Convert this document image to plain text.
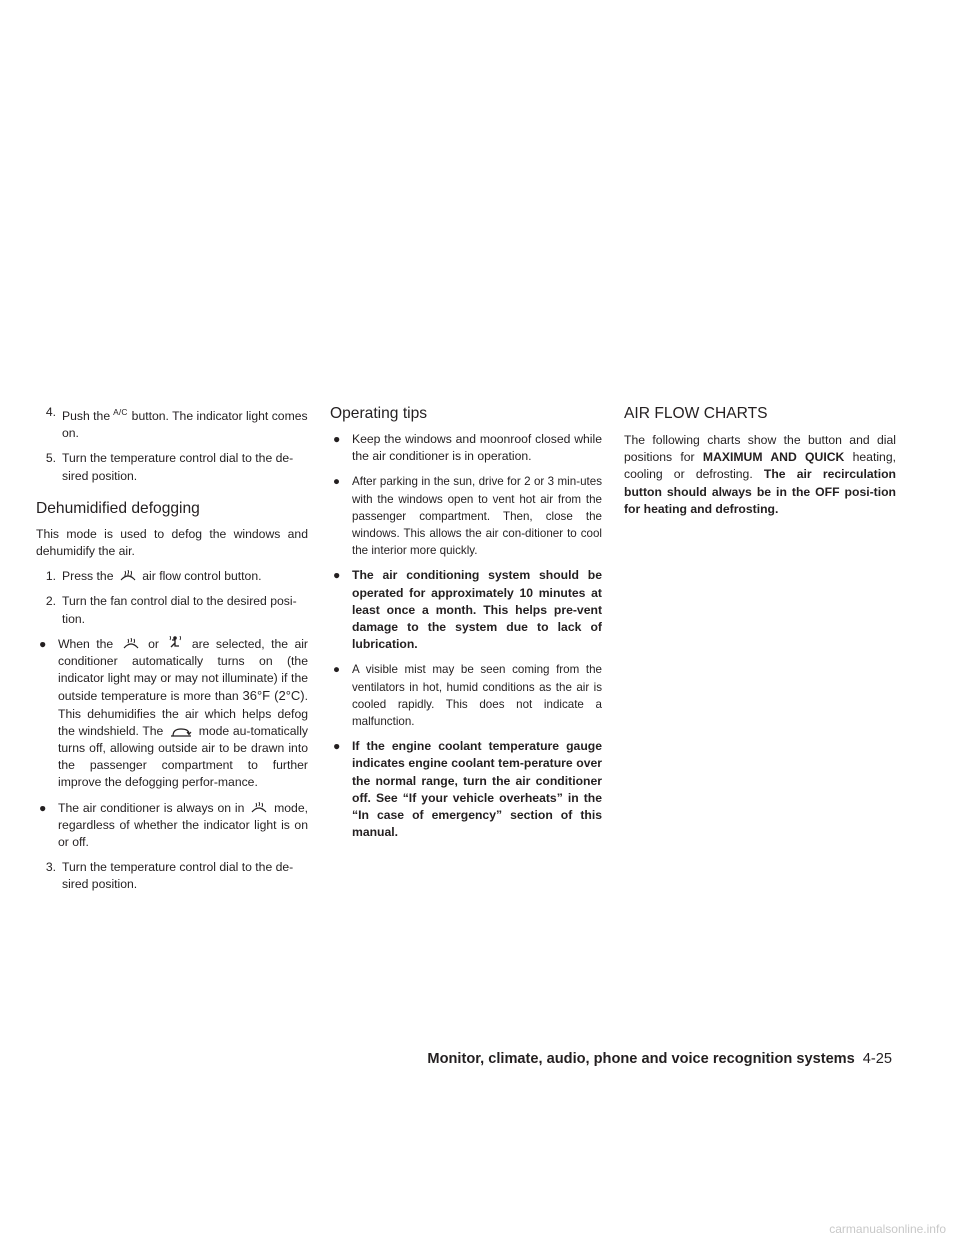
4. Push the $^{A/C}$ button. The indicator light comes on.

5. Turn the temperature control dial to the de-sired position.

Dehumidified defogging

This mode is used to defog the windows and dehumidify the air.

1. Press the air flow control button.

2. Turn the fan control dial to the desired posi-tion.

● When the	or	are selected, the air conditioner automatically turns on (the indicator light may or may not illuminate) if the outside temperature is more than 36°F (2°C). This dehumidifies the air which helps defog the windshield. The	mode au-tomatically turns off, allowing outside air to be drawn into the passenger compartment to further improve the defogging perfor-mance.

● The air conditioner is always on in mode, regardless of whether the indicator light is on or off.

3. Turn the temperature control dial to the de-sired position.

Operating tips

● Keep the windows and moonroof closed while the air conditioner is in operation.

● After parking in the sun, drive for 2 or 3 min-utes with the windows open to vent hot air from the passenger compartment. Then, close the windows. This allows the air con-ditioner to cool the interior more quickly.

● The air conditioning system should be operated for approximately 10 minutes at least once a month. This helps pre-vent damage to the system due to lack of lubrication.

● A visible mist may be seen coming from the ventilators in hot, humid conditions as the air is cooled rapidly. This does not indicate a malfunction.

● If the engine coolant temperature gauge indicates engine coolant tem-perature over the normal range, turn the air conditioner off. See “If your vehicle overheats” in the “In case of emergency” section of this manual.

AIR FLOW CHARTS

The following charts show the button and dial positions for MAXIMUM AND QUICK heating, cooling or defrosting. The air recirculation button should always be in the OFF posi-tion for heating and defrosting.

Monitor, climate, audio, phone and voice recognition systems 4-25
carmanualsonline.info
